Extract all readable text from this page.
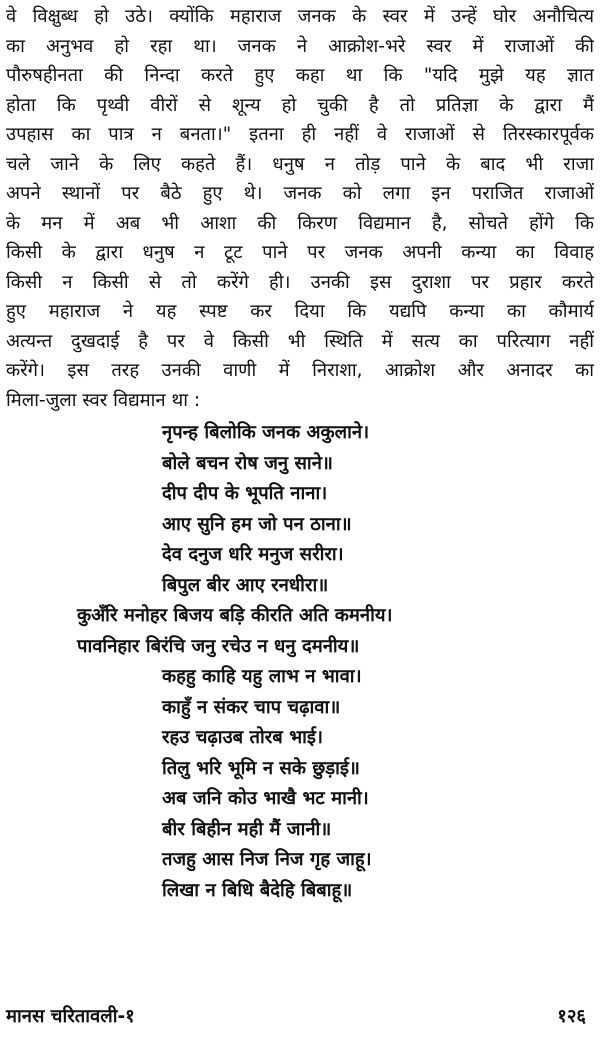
वे विक्षुब्ध हो उठे। क्योंकि महाराज जनक के स्वर में उन्हें घोर अनौचित्य

का अनुभव हो रहा था। जनक ने आक्रोश-भरे स्वर में राजाओं की

पौरुषहीनता की निन्दा करते हुए कहा था कि "यदि मुझे यह ज्ञात

होता कि पृथ्वी वीरों से शून्य हो चुकी है तो प्रतिज्ञा के द्वारा मैं

उपहास का पात्र न बनता।" इतना ही नहीं वे राजाओं से तिरस्कारपूर्वक

चले जाने के लिए कहते हैं। धनुष न तोड़ पाने के बाद भी राजा

अपने स्थानों पर बैठे हुए थे। जनक को लगा इन पराजित राजाओं

के मन में अब भी आशा की किरण विद्यमान है, सोचते होंगे कि

किसी के द्वारा धनुष न टूट पाने पर जनक अपनी कन्या का विवाह

किसी न किसी से तो करेंगे ही। उनकी इस दुराशा पर प्रहार करते

हुए महाराज ने यह स्पष्ट कर दिया कि यद्यपि कन्या का कौमार्य

अत्यन्त दुखदाई है पर वे किसी भी स्थिति में सत्य का परित्याग नहीं

करेंगे। इस तरह उनकी वाणी में निराशा, आक्रोश और अनादर का

मिला-जुला स्वर विद्यमान था :

नृपन्ह बिलोकि जनक अकुलाने।

बोले बचन रोष जनु साने॥

दीप दीप के भूपति नाना।

आए सुनि हम जो पन ठाना॥

देव दनुज धरि मनुज सरीरा।

बिपुल बीर आए रनधीरा॥

कुअँरि मनोहर बिजय बड़ि कीरति अति कमनीय।

पावनिहार बिरंचि जनु रचेउ न धनु दमनीय॥

कहहु काहि यहु लाभ न भावा।

काहुँ न संकर चाप चढ़ावा॥

रहउ चढ़ाउब तोरब भाई।

तिलु भरि भूमि न सके छुड़ाई॥

अब जनि कोउ भाखै भट मानी।

बीर बिहीन मही मैं जानी॥

तजहु आस निज निज गृह जाहू।

लिखा न बिधि बैदेहि बिबाहू॥

मानस चरितावली-१	१२६
